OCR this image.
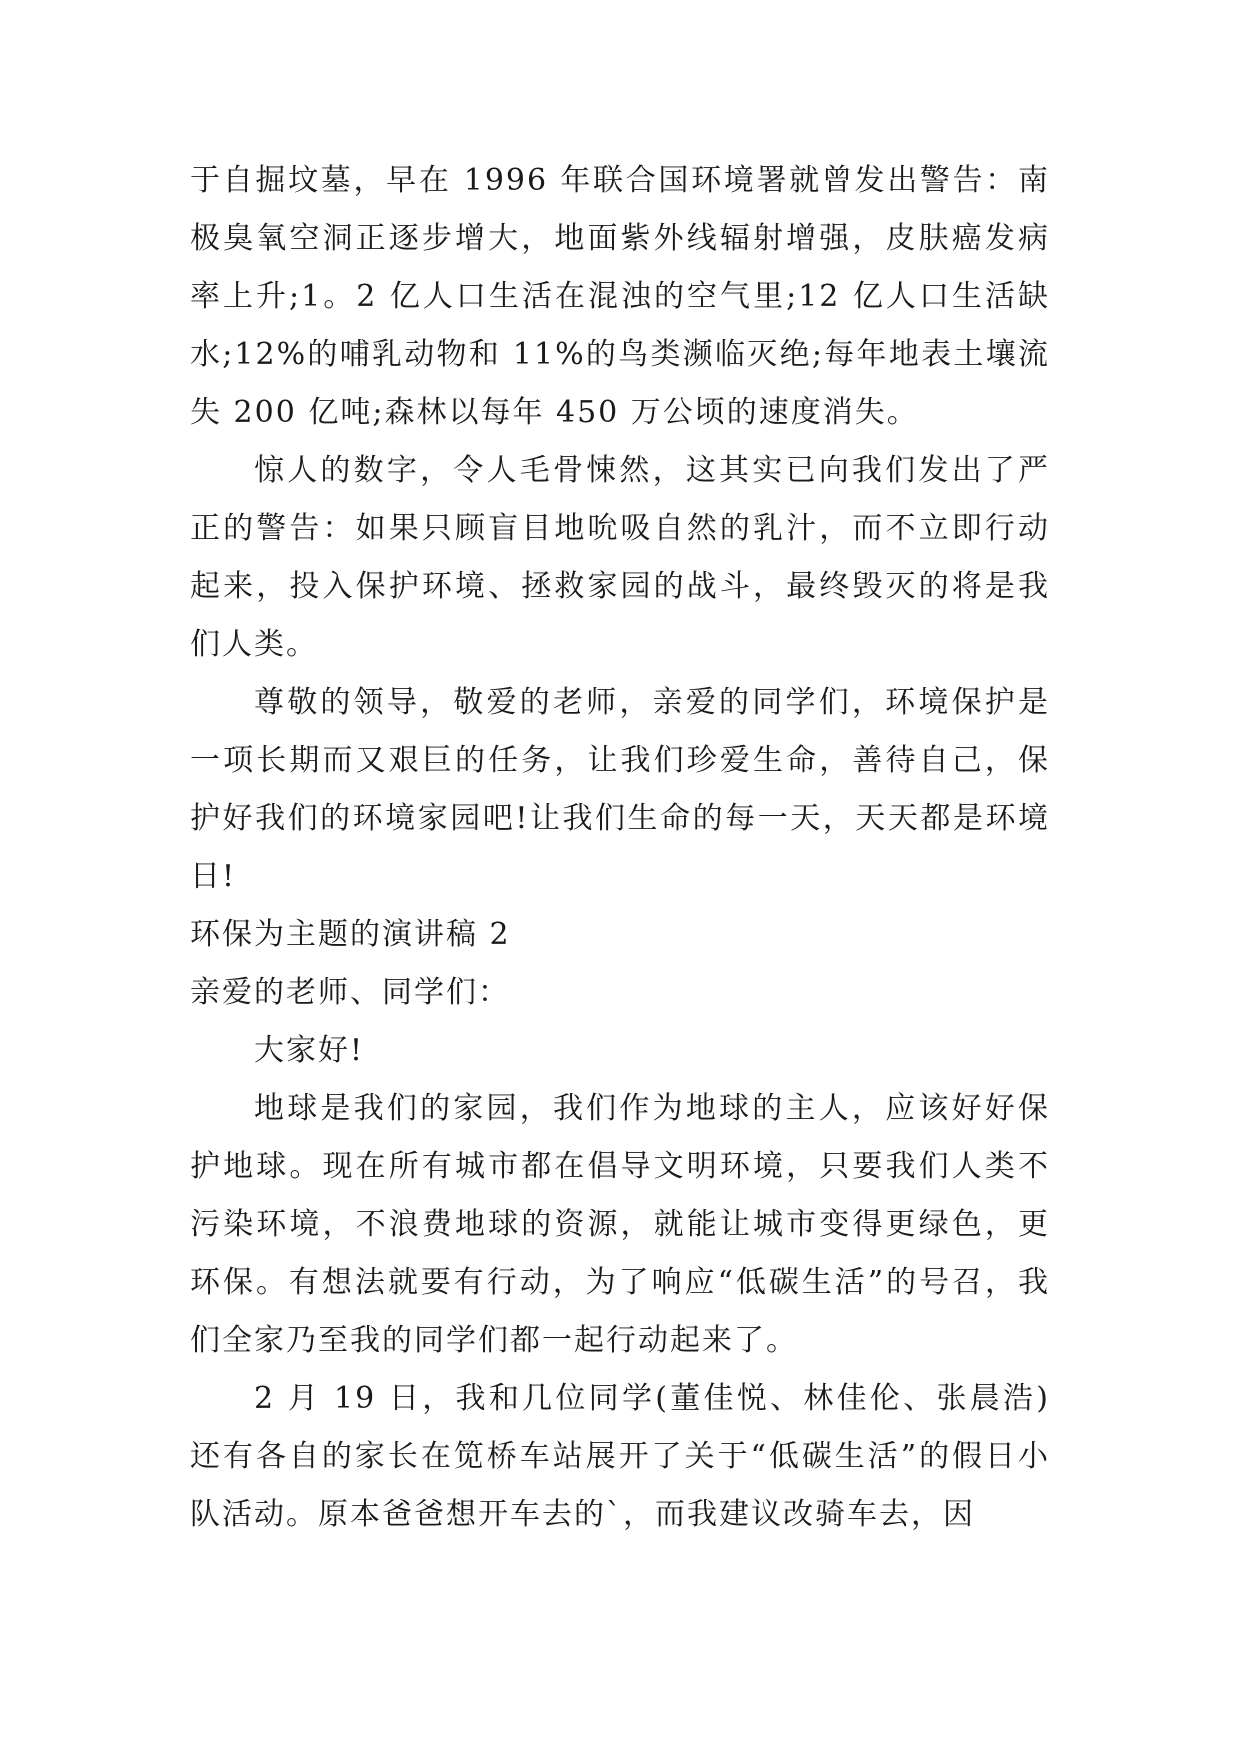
于自掘坟墓，早在 1996 年联合国环境署就曾发出警告：南极臭氧空洞正逐步增大，地面紫外线辐射增强，皮肤癌发病率上升;1。2 亿人口生活在混浊的空气里;12 亿人口生活缺水;12%的哺乳动物和 11%的鸟类濒临灭绝;每年地表土壤流失 200 亿吨;森林以每年 450 万公顷的速度消失。

惊人的数字，令人毛骨悚然，这其实已向我们发出了严正的警告：如果只顾盲目地吮吸自然的乳汁，而不立即行动起来，投入保护环境、拯救家园的战斗，最终毁灭的将是我们人类。

尊敬的领导，敬爱的老师，亲爱的同学们，环境保护是一项长期而又艰巨的任务，让我们珍爱生命，善待自己，保护好我们的环境家园吧!让我们生命的每一天，天天都是环境日!

环保为主题的演讲稿 2

亲爱的老师、同学们：

大家好!

地球是我们的家园，我们作为地球的主人，应该好好保护地球。现在所有城市都在倡导文明环境，只要我们人类不污染环境，不浪费地球的资源，就能让城市变得更绿色，更环保。有想法就要有行动，为了响应“低碳生活”的号召，我们全家乃至我的同学们都一起行动起来了。

2 月 19 日，我和几位同学(董佳悦、林佳伦、张晨浩)还有各自的家长在笕桥车站展开了关于“低碳生活”的假日小队活动。原本爸爸想开车去的`，而我建议改骑车去，因
